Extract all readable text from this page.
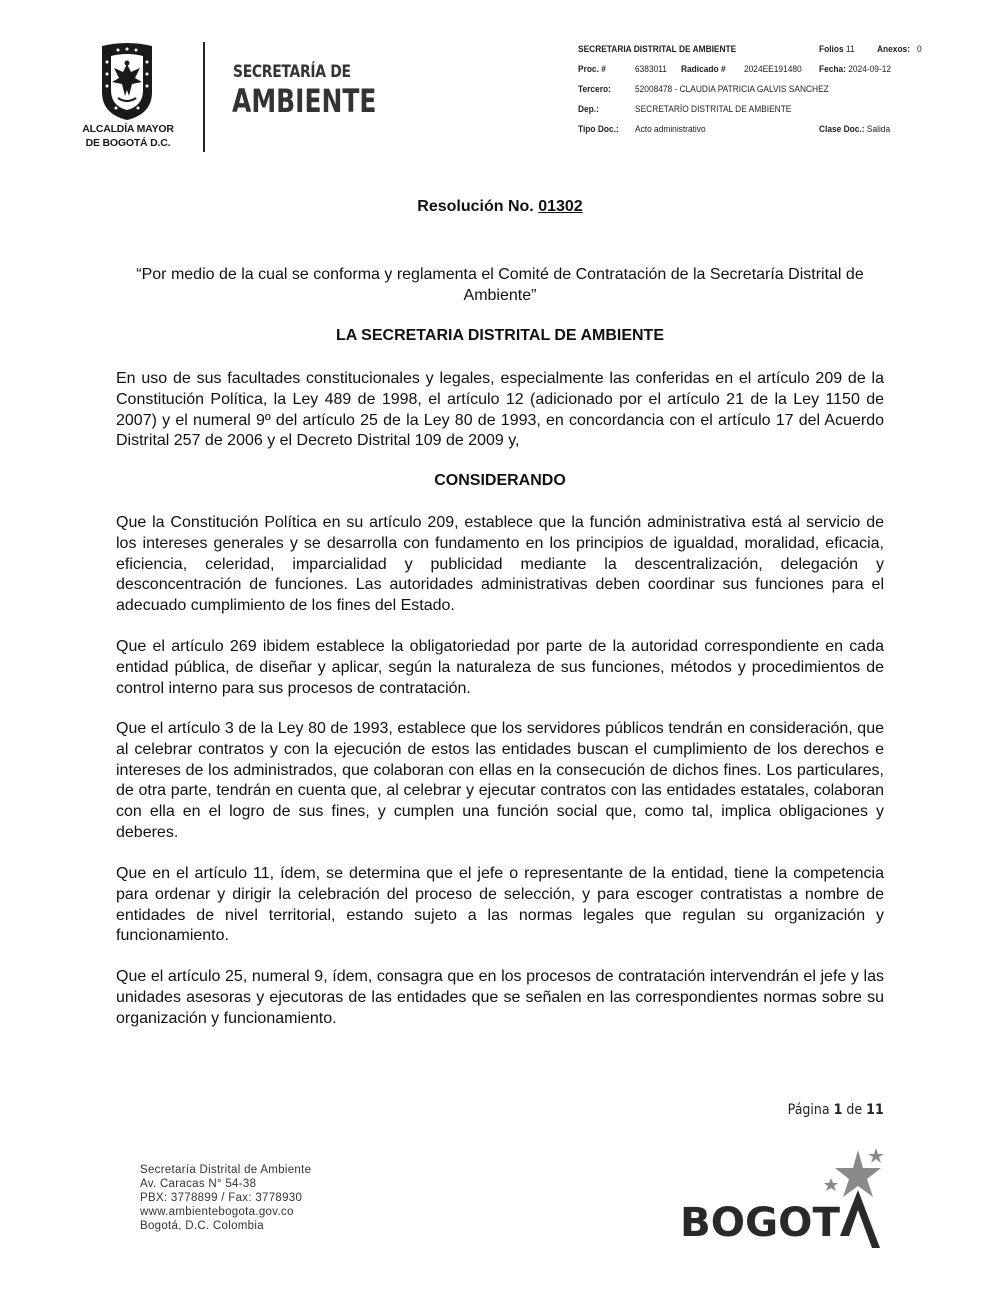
ALCALDÍA MAYOR
DE BOGOTÁ D.C.
SECRETARÍA DE
AMBIENTE
SECRETARIA DISTRITAL DE AMBIENTE	Folios 11 Anexos: 0
Proc. #	6383011 Radicado # 2024EE191480 Fecha: 2024-09-12
Tercero:	52008478 - CLAUDIA PATRICIA GALVIS SANCHEZ
Dep.:	SECRETARÍO DISTRITAL DE AMBIENTE
Tipo Doc.: Acto administrativo	Clase Doc.: Salida
Resolución No. 01302
“Por medio de la cual se conforma y reglamenta el Comité de Contratación de la Secretaría Distrital de Ambiente”
LA SECRETARIA DISTRITAL DE AMBIENTE
En uso de sus facultades constitucionales y legales, especialmente las conferidas en el artículo 209 de la Constitución Política, la Ley 489 de 1998, el artículo 12 (adicionado por el artículo 21 de la Ley 1150 de 2007) y el numeral 9º del artículo 25 de la Ley 80 de 1993, en concordancia con el artículo 17 del Acuerdo Distrital 257 de 2006 y el Decreto Distrital 109 de 2009 y,
CONSIDERANDO
Que la Constitución Política en su artículo 209, establece que la función administrativa está al servicio de los intereses generales y se desarrolla con fundamento en los principios de igualdad, moralidad, eficacia, eficiencia, celeridad, imparcialidad y publicidad mediante la descentralización, delegación y desconcentración de funciones. Las autoridades administrativas deben coordinar sus funciones para el adecuado cumplimiento de los fines del Estado.
Que el artículo 269 ibidem establece la obligatoriedad por parte de la autoridad correspondiente en cada entidad pública, de diseñar y aplicar, según la naturaleza de sus funciones, métodos y procedimientos de control interno para sus procesos de contratación.
Que el artículo 3 de la Ley 80 de 1993, establece que los servidores públicos tendrán en consideración, que al celebrar contratos y con la ejecución de estos las entidades buscan el cumplimiento de los derechos e intereses de los administrados, que colaboran con ellas en la consecución de dichos fines. Los particulares, de otra parte, tendrán en cuenta que, al celebrar y ejecutar contratos con las entidades estatales, colaboran con ella en el logro de sus fines, y cumplen una función social que, como tal, implica obligaciones y deberes.
Que en el artículo 11, ídem, se determina que el jefe o representante de la entidad, tiene la competencia para ordenar y dirigir la celebración del proceso de selección, y para escoger contratistas a nombre de entidades de nivel territorial, estando sujeto a las normas legales que regulan su organización y funcionamiento.
Que el artículo 25, numeral 9, ídem, consagra que en los procesos de contratación intervendrán el jefe y las unidades asesoras y ejecutoras de las entidades que se señalen en las correspondientes normas sobre su organización y funcionamiento.
Página 1 de 11
Secretaría Distrital de Ambiente
Av. Caracas N° 54-38
PBX: 3778899 / Fax: 3778930
www.ambientebogota.gov.co
Bogotá, D.C. Colombia	BOGOT
